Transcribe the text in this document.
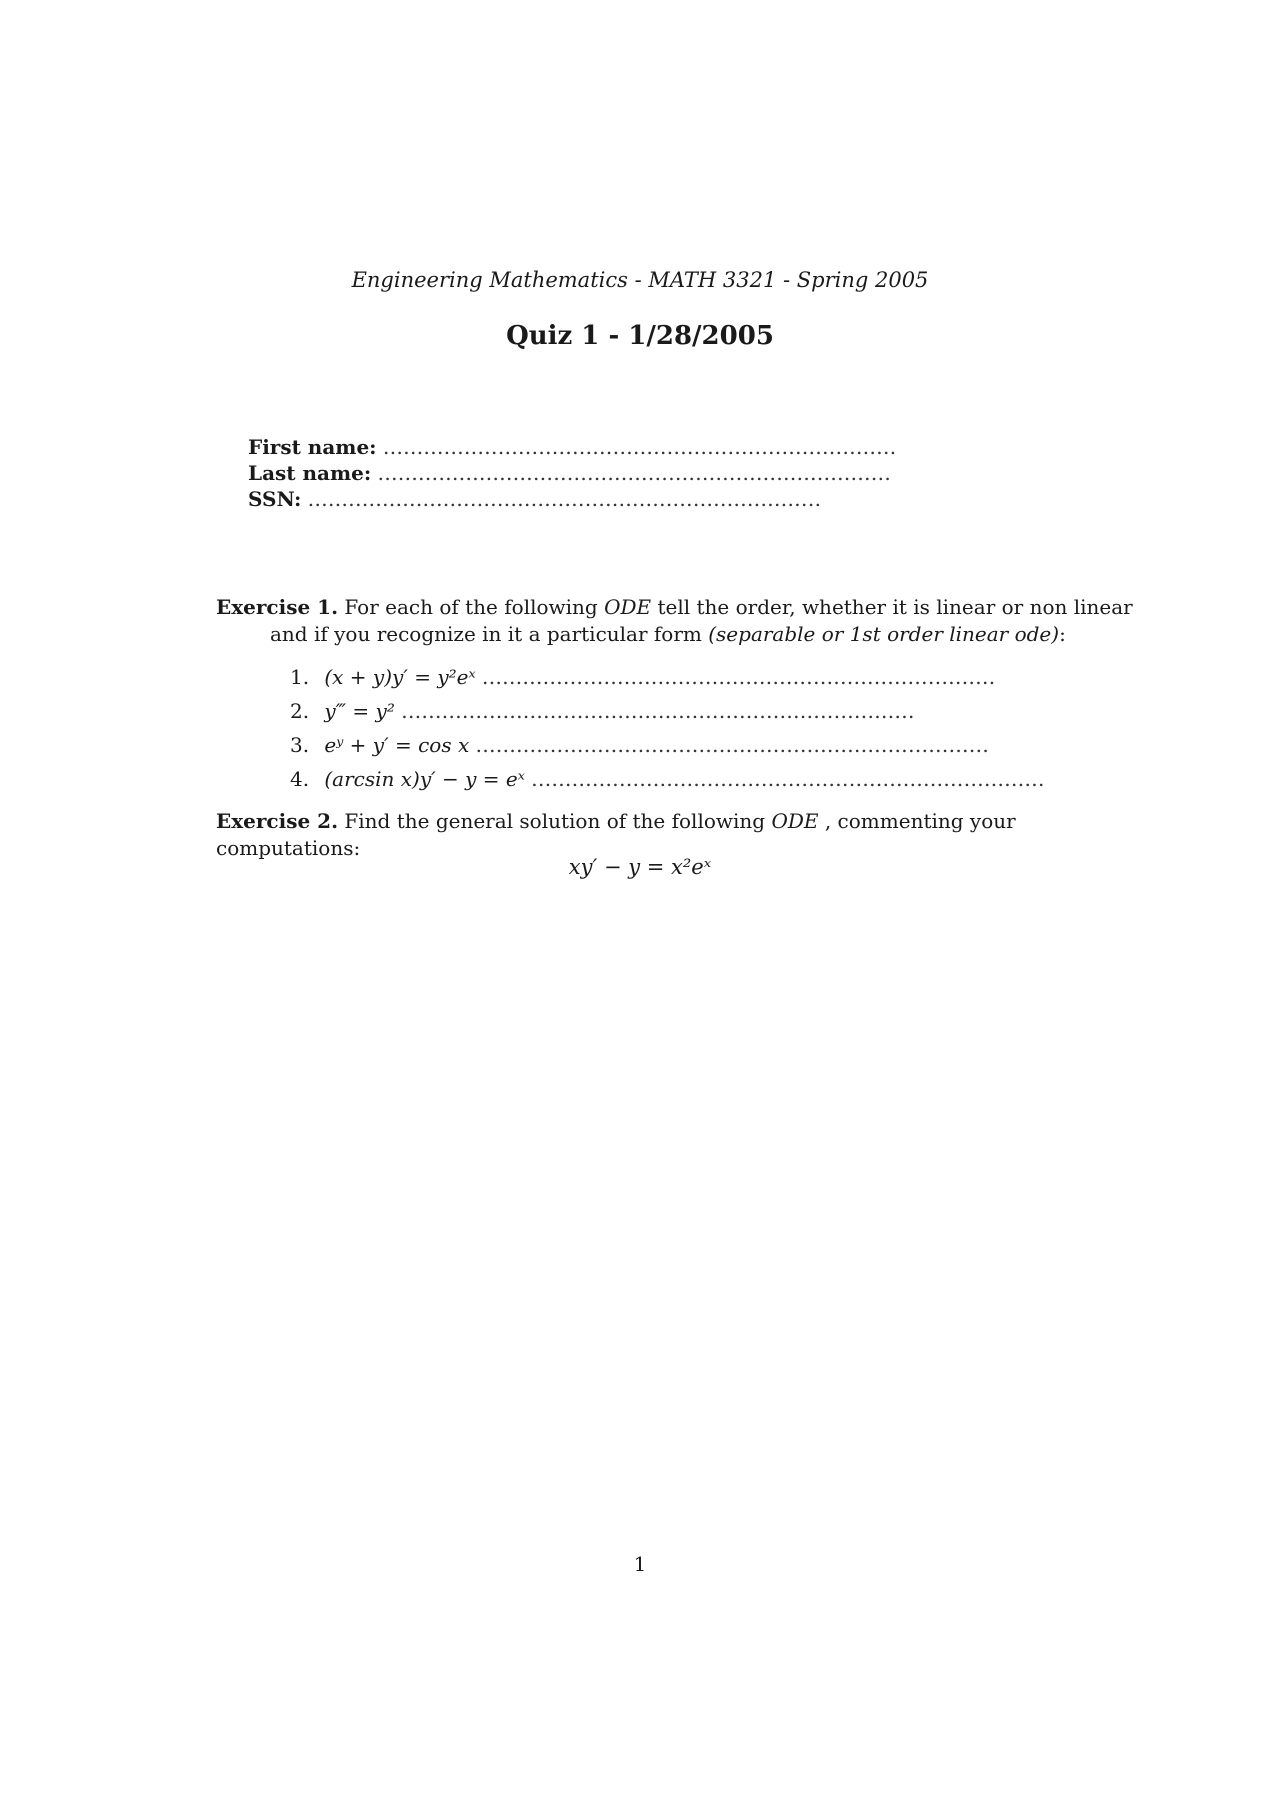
Engineering Mathematics - MATH 3321 - Spring 2005
Quiz 1 - 1/28/2005
First name: ............................................................................
Last name: ............................................................................
SSN: ............................................................................
Exercise 1. For each of the following ODE tell the order, whether it is linear or non linear and if you recognize in it a particular form (separable or 1st order linear ode):
1. (x + y)y′ = y²eˣ ............................................................................
2. y‴ = y² ............................................................................
3. eʸ + y′ = cos x ............................................................................
4. (arcsin x)y′ − y = eˣ ............................................................................
Exercise 2. Find the general solution of the following ODE , commenting your computations:
xy′ − y = x²eˣ
1
